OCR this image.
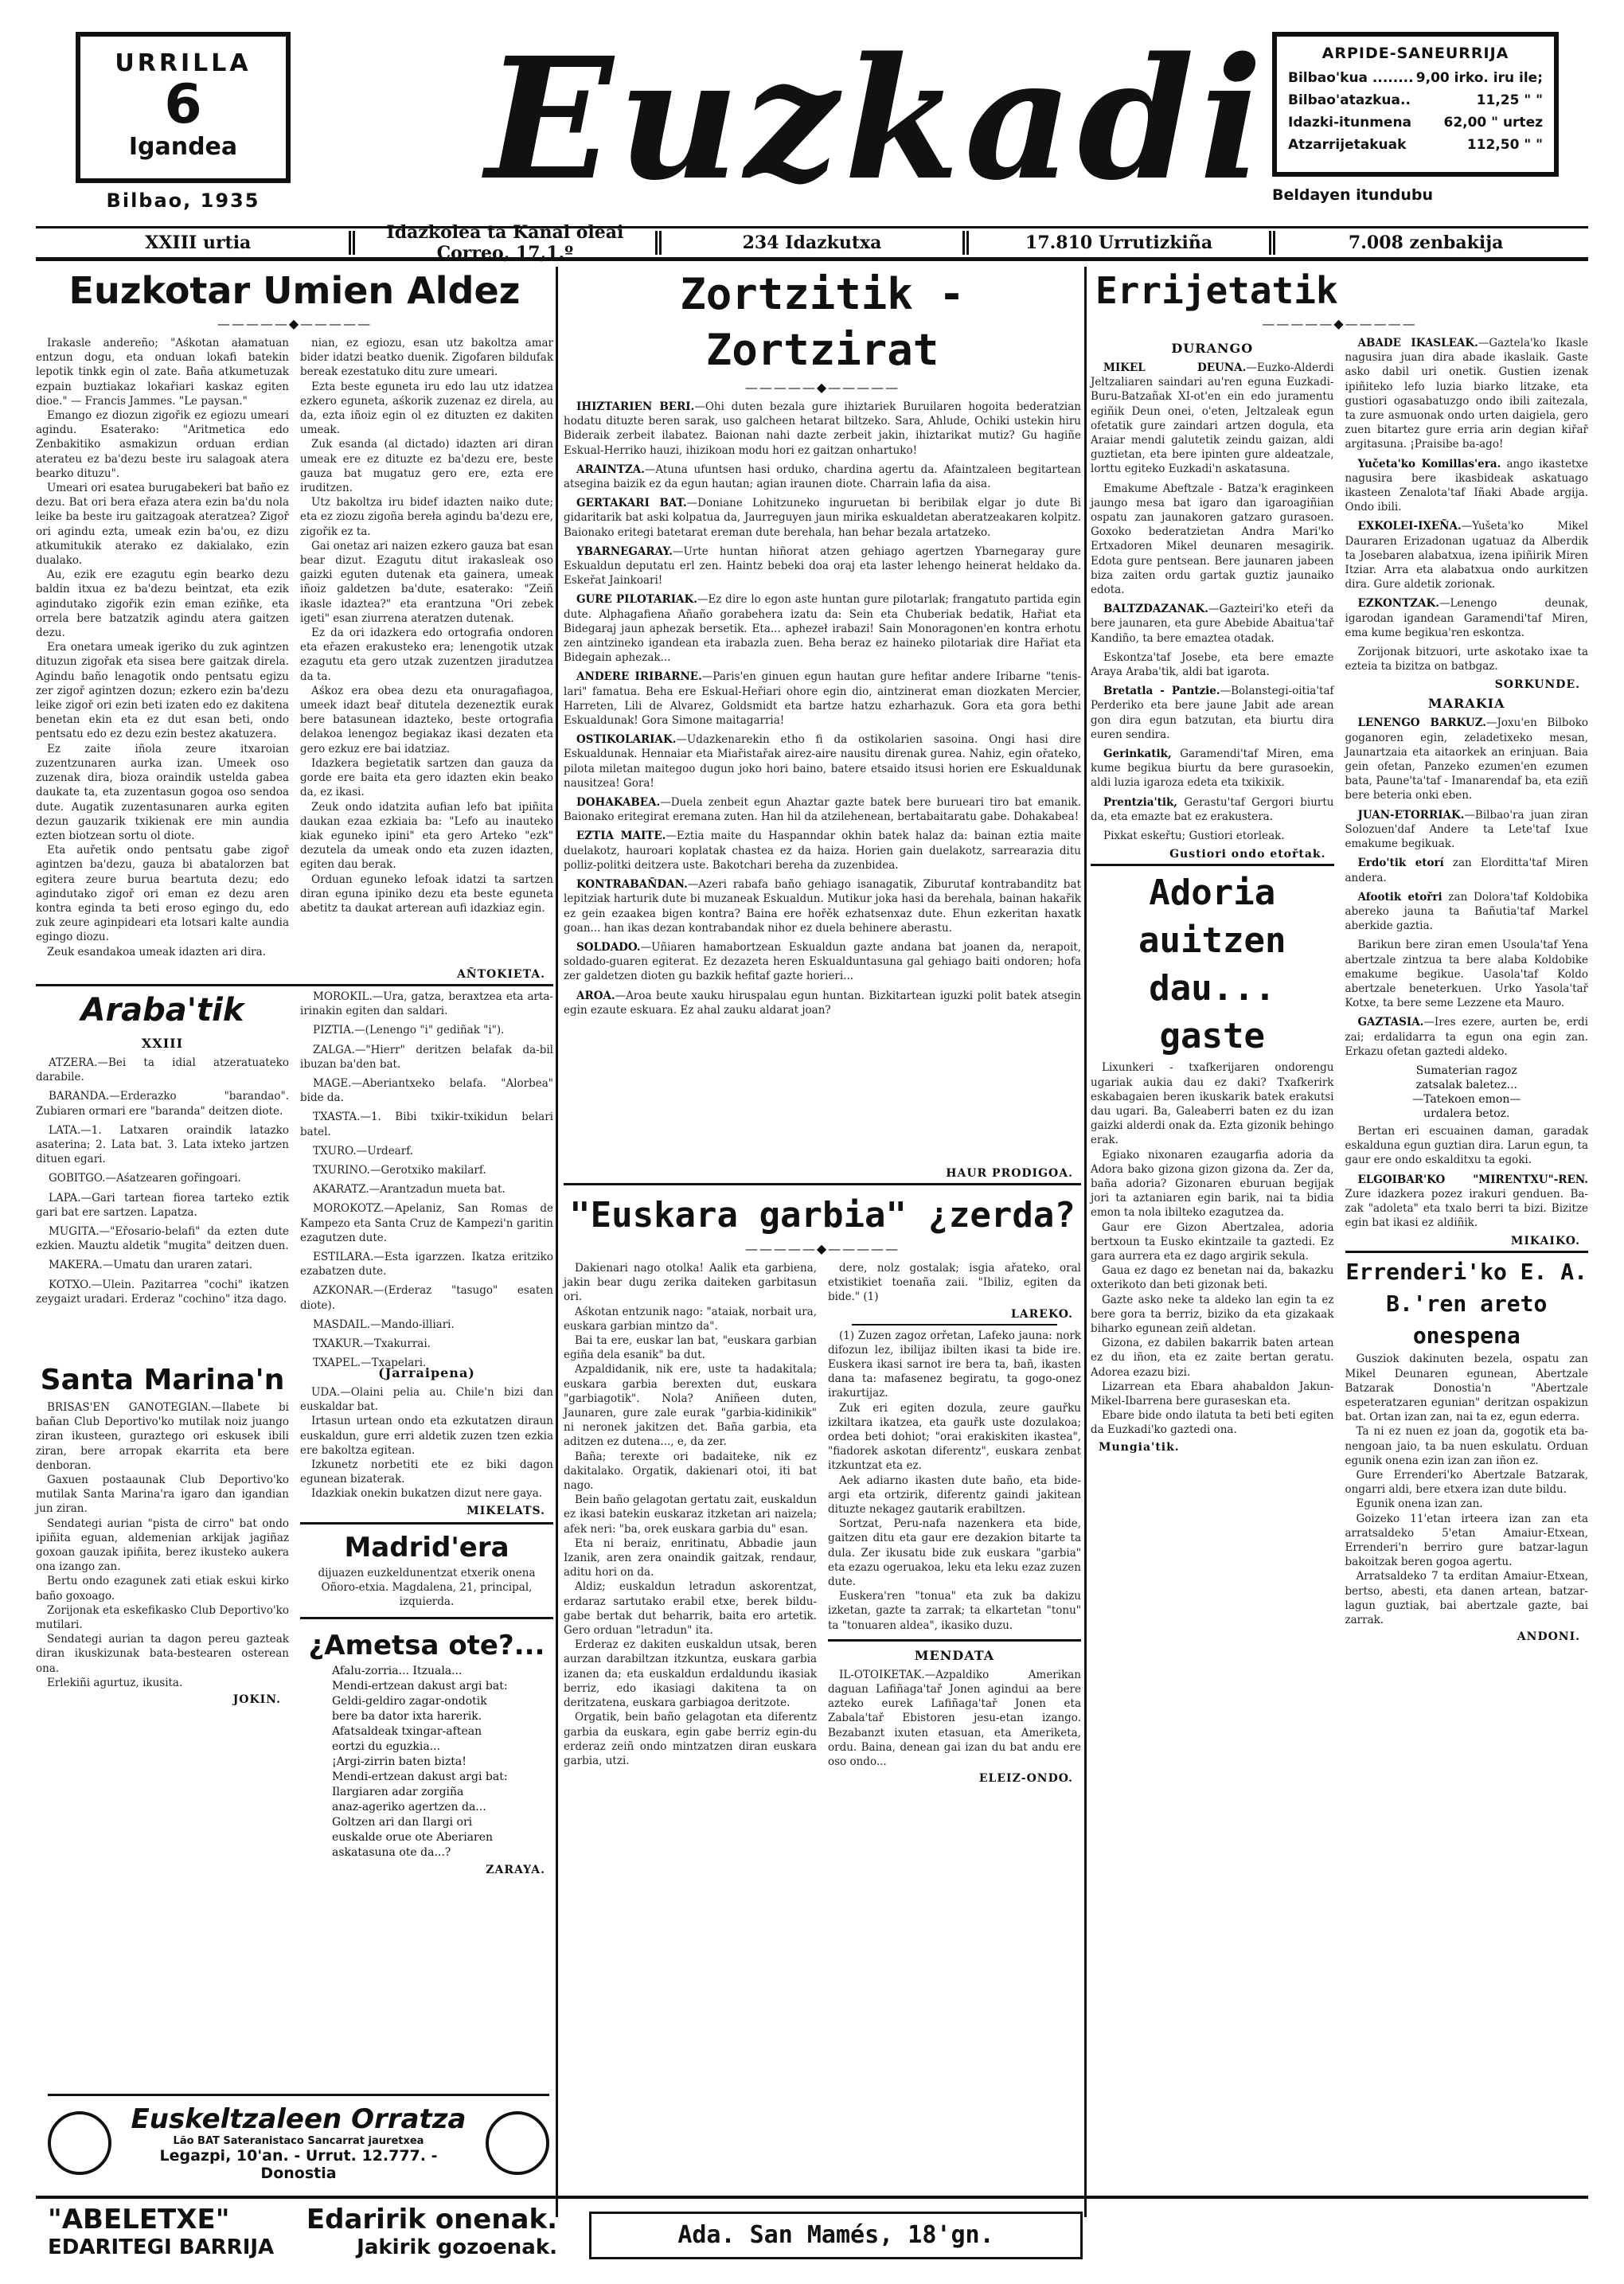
URRILLA
6
Igandea
Bilbao, 1935 Euzkadi	ARPIDE-SANEURRIJA
Bilbao'kua ........ 9,00 irko. iru ile;
Bilbao'atazkua..	11,25 " "
Idazki-itunmena 62,00 " urtez
Atzarrijetakuak	112,50 " "
Beldayen itundubu
XXIII urtia	Idazkolea ta Kanal oleai Correo, 17,1.º	234 Idazkutxa	17.810 Urrutizkiña	7.008 zenbakija
Euzkotar Umien Aldez
—————◆—————

Irakasle andereño; "Aśkotan ałamatuan entzun dogu, eta onduan lokafi batekin lepotik tinkk egin ol zate. Baña atkumetuzak ezpain buztiakaz lokařiari kaskaz egiten dioe." — Francis Jammes. "Le paysan."

Emango ez diozun zigořik ez egiozu umeari agindu. Esaterako: "Aritmetica edo Zenbakitiko asmakizun orduan erdian aterateu ez ba'dezu beste iru salagoak atera bearko dituzu".

Umeari ori esatea burugabekeri bat baño ez dezu. Bat ori bera eřaza atera ezin ba'du nola leike ba beste iru gaitzagoak ateratzea? Zigoř ori agindu ezta, umeak ezin ba'ou, ez dizu atkumitukik aterako ez dakialako, ezin dualako.

Au, ezik ere ezagutu egin bearko dezu baldin itxua ez ba'dezu beintzat, eta ezik agindutako zigořik ezin eman eziñke, eta orrela bere batzatzik agindu atera gaitzen dezu.

Era onetara umeak igeriko du zuk agintzen dituzun zigořak eta sisea bere gaitzak direla. Agindu baño lenagotik ondo pentsatu egizu zer zigoř agintzen dozun; ezkero ezin ba'dezu leike zigoř ori ezin beti izaten edo ez dakitena benetan ekin eta ez dut esan beti, ondo pentsatu edo ez dezu ezin bestez akatuzera.

Ez zaite iñola zeure itxaroian zuzentzunaren aurka izan. Umeek oso zuzenak dira, bioza oraindik ustelda gabea daukate ta, eta zuzentasun gogoa oso sendoa dute. Augatik zuzentasunaren aurka egiten dezun gauzarik txikienak ere min aundia ezten biotzean sortu ol diote.

Eta auřetik ondo pentsatu gabe zigoř agintzen ba'dezu, gauza bi abatalorzen bat egitera zeure burua beartuta dezu; edo agindutako zigoř ori eman ez dezu aren kontra eginda ta beti eroso egingo du, edo zuk zeure aginpideari eta lotsari kalte aundia egingo diozu.

Zeuk esandakoa umeak idazten ari dira.

nian, ez egiozu, esan utz bakoltza amar bider idatzi beatko duenik. Zigofaren bildufak bereak ezestatuko ditu zure umeari.

Ezta beste eguneta iru edo lau utz idatzea ezkero eguneta, aśkorik zuzenaz ez direla, au da, ezta iñoiz egin ol ez dituzten ez dakiten umeak.

Zuk esanda (al dictado) idazten ari diran umeak ere ez dituzte ez ba'dezu ere, beste gauza bat mugatuz gero ere, ezta ere iruditzen.

Utz bakoltza iru bidef idazten naiko dute; eta ez ziozu zigoña bereła agindu ba'dezu ere, zigořik ez ta.

Gai onetaz ari naizen ezkero gauza bat esan bear dizut. Ezagutu ditut irakasleak oso gaizki eguten dutenak eta gainera, umeak iñoiz galdetzen ba'dute, esaterako: "Zeiñ ikasle idaztea?" eta erantzuna "Ori zebek igeti" esan ziurrena ateratzen dutenak.

Ez da ori idazkera edo ortografia ondoren eta eřazen erakusteko era; lenengotik utzak ezagutu eta gero utzak zuzentzen jiradutzea da ta.

Aśkoz era obea dezu eta onuragafiagoa, umeek idazt beař ditutela dezeneztik eurak bere batasunean idazteko, beste ortografia delakoa lenengoz begiakaz ikasi dezaten eta gero ezkuz ere bai idatziaz.

Idazkera begietatik sartzen dan gauza da gorde ere baita eta gero idazten ekin beako da, ez ikasi.

Zeuk ondo idatzita aufian lefo bat ipiñita daukan ezaa ezkiaia ba: "Lefo au inauteko kiak eguneko ipini" eta gero Arteko "ezk" dezutela da umeak ondo eta zuzen idazten, egiten dau berak.

Orduan eguneko lefoak idatzi ta sartzen diran eguna ipiniko dezu eta beste eguneta abetitz ta daukat arterean aufi idazkiaz egin.

AÑTOKIETA.
Araba'tik
XXIII

ATZERA.—Bei ta idial atzeratuateko darabile.

BARANDA.—Erderazko "barandao". Zubiaren ormari ere "baranda" deitzen diote.

LATA.—1. Latxaren oraindik latazko asaterina; 2. Lata bat. 3. Lata ixteko jartzen dituen egari.

GOBITGO.—Aśatzearen gořingoari.

LAPA.—Gari tartean fiorea tarteko eztik gari bat ere sartzen. Lapatza.

MUGITA.—"Eřosario-belafi" da ezten dute ezkien. Mauztu aldetik "mugita" deitzen duen.

MAKERA.—Umatu dan uraren zatari.

KOTXO.—Ulein. Pazitarrea "cochi" ikatzen zeygaizt uradari. Erderaz "cochino" itza dago.

MOROKIL.—Ura, gatza, beraxtzea eta arta-irinakin egiten dan saldari.

PIZTIA.—(Lenengo "i" gediñak "i").

ZALGA.—"Hierr" deritzen belafak da-bil ibuzan ba'den bat.

MAGE.—Aberiantxeko belafa. "Alorbea" bide da.

TXASTA.—1. Bibi txikir-txikidun belari batel.

TXURO.—Urdearf.

TXURINO.—Gerotxiko makilarf.

AKARATZ.—Arantzadun mueta bat.

MOROKOTZ.—Apelaniz, San Romas de Kampezo eta Santa Cruz de Kampezi'n garitin ezagutzen dute.

ESTILARA.—Esta igarzzen. Ikatza eritziko ezabatzen dute.

AZKONAR.—(Erderaz "tasugo" esaten diote).

MASDAIL.—Mando-illiari.

TXAKUR.—Txakurrai.

TXAPEL.—Txapelari.

Santa Marina'n

BRISAS'EN GANOTEGIAN.—Ilabete bi bañan Club Deportivo'ko mutilak noiz juango ziran ikusteen, guraztego ori eskusek ibili ziran, bere arropak ekarrita eta bere denboran.

Gaxuen postaaunak Club Deportivo'ko mutilak Santa Marina'ra igaro dan igandian jun ziran.

Sendategi aurian "pista de cirro" bat ondo ipiñita eguan, aldemenian arkijak jagiñaz goxoan gauzak ipiñita, berez ikusteko aukera ona izango zan.

Bertu ondo ezagunek zati etiak eskui kirko baño goxoago.

Zorijonak eta eskefikasko Club Deportivo'ko mutilari.

Sendategi aurian ta dagon pereu gazteak diran ikuskizunak bata-bestearen osterean ona.

Erlekiñi agurtuz, ikusita.

JOKIN.
(Jarraipena)

UDA.—Olaini pelia au. Chile'n bizi dan euskaldar bat.

Irtasun urtean ondo eta ezkutatzen diraun euskaldun, gure erri aldetik zuzen tzen ezkia ere bakoltza egitean.

Izkunetz norbetiti ete ez biki dagon egunean bizaterak.

Idazkiak onekin bukatzen dizut nere gaya.

MIKELATS.
Madrid'era

dijuazen euzkeldunentzat etxerik onena Oñoro-etxia. Magdalena, 21, principal, izquierda.

¿Ametsa ote?...
Afalu-zorria... Itzuala...
Mendi-ertzean dakust argi bat:
Geldi-geldiro zagar-ondotik
bere ba dator ixta harerik.
Afatsaldeak txingar-aftean
eortzi du eguzkia...
¡Argi-zirrin baten bizta!
Mendi-ertzean dakust argi bat:
Ilargiaren adar zorgiña
anaz-ageriko agertzen da...
Goltzen ari dan Ilargi ori
euskalde orue ote Aberiaren
askatasuna ote da...?
ZARAYA.
Euskeltzaleen Orratza
Lão BAT Sateranistaco Sancarrat jauretxea
Legazpi, 10'an. - Urrut. 12.777. - Donostia
Zortzitik - Zortzirat
—————◆—————

IHIZTARIEN BERI.—Ohi duten bezala gure ihiztariek Buruilaren hogoita bederatzian hodatu dituzte beren sarak, uso galcheen hetarat biltzeko. Sara, Ahlude, Ochiki ustekin hiru Bideraik zerbeit ilabatez. Baionan nahi dazte zerbeit jakin, ihiztarikat mutiz? Gu hagiñe Eskual-Herriko hauzi, ihizikoan modu hori ez gaitzan onhartuko!

ARAINTZA.—Atuna ufuntsen hasi orduko, chardina agertu da. Afaintzaleen begitartean atsegina baizik ez da egun hautan; agian iraunen diote. Charrain lafia da aisa.

GERTAKARI BAT.—Doniane Lohitzuneko inguruetan bi beribilak elgar jo dute Bi gidaritarik bat aski kolpatua da, Jaurreguyen jaun mirika eskualdetan aberatzeakaren kolpitz. Baionako eritegi batetarat ereman dute berehala, han behar bezala artatzeko.

YBARNEGARAY.—Urte huntan hiñorat atzen gehiago agertzen Ybarnegaray gure Eskualdun deputatu erl zen. Haintz bebeki doa oraj eta laster lehengo heinerat heldako da. Eskeřat Jainkoari!

GURE PILOTARIAK.—Ez dire lo egon aste huntan gure pilotarlak; frangatuto partida egin dute. Alphagafiena Añaño gorabehera izatu da: Sein eta Chuberiak bedatik, Hařiat eta Bidegaraj jaun aphezak bersetik. Eta... aphezeł irabazi! Sain Monoragonen'en kontra erhotu zen aintzineko igandean eta irabazla zuen. Beha beraz ez haineko pilotariak dire Hařiat eta Bidegain aphezak...

ANDERE IRIBARNE.—Paris'en ginuen egun hautan gure hefitar andere Iribarne "tenis-lari" famatua. Beha ere Eskual-Heřiari ohore egin dio, aintzinerat eman diozkaten Mercier, Harreten, Lili de Alvarez, Goldsmidt eta bartze hatzu ezharhazuk. Gora eta gora bethi Eskualdunak! Gora Simone maitagarria!

OSTIKOLARIAK.—Udazkenarekin etho fi da ostikolarien sasoina. Ongi hasi dire Eskualdunak. Hennaiar eta Miařistařak airez-aire nausitu direnak gurea. Nahiz, egin ořateko, pilota miletan maitegoo dugun joko hori baino, batere etsaido itsusi horien ere Eskualdunak nausitzea! Gora!

DOHAKABEA.—Duela zenbeit egun Ahaztar gazte batek bere burueari tiro bat emanik. Baionako eritegirat eremana zuten. Han hil da atzilehenean, bertabaitaratu gabe. Dohakabea!

EZTIA MAITE.—Eztia maite du Haspanndar okhin batek halaz da: bainan eztia maite duelakotz, hauroari koplatak chastea ez da haiza. Horien gain duelakotz, sarrearazia ditu polliz-politki deitzera uste. Bakotchari bereha da zuzenbidea.

KONTRABAÑDAN.—Azeri rabafa baño gehiago isanagatik, Ziburutaf kontrabanditz bat lepitziak harturik dute bi muzaneak Eskualdun. Mutikur joka hasi da berehala, bainan hakařik ez gein ezaakea bigen kontra? Baina ere hořěk ezhatsenxaz dute. Ehun ezkeritan haxatk goan... han ikas dezan kontrabandak nihor ez duela behinere aberastu.

SOLDADO.—Uñiaren hamabortzean Eskualdun gazte andana bat joanen da, nerapoit, soldado-guaren egiterat. Ez dezazeta heren Eskualduntasuna gal gehiago baiti ondoren; hofa zer galdetzen dioten gu bazkik hefitaf gazte horieri...

AROA.—Aroa beute xauku hiruspalau egun huntan. Bizkitartean iguzki polit batek atsegin egin ezaute eskuara. Ez ahal zauku aldarat joan?

HAUR PRODIGOA.
"Euskara garbia" ¿zerda?
—————◆—————

Dakienari nago otolka! Aalik eta garbiena, jakin bear dugu zerika daiteken garbitasun ori.

Aśkotan entzunik nago: "ataiak, norbait ura, euskara garbian mintzo da".

Bai ta ere, euskar lan bat, "euskara garbian egiña dela esanik" ba dut.

Azpaldidanik, nik ere, uste ta hadakitala; euskara garbia berexten dut, euskara "garbiagotik". Nola? Aniñeen duten, Jaunaren, gure zale eurak "garbia-kidinikik" ni neronek jakitzen det. Baña garbia, eta aditzen ez dutena..., e, da zer.

Baña; terexte ori badaiteke, nik ez dakitalako. Orgatik, dakienari otoi, iti bat nago.

Bein baño gelagotan gertatu zait, euskaldun ez ikasi batekin euskaraz itzketan ari naizela; afek neri: "ba, orek euskara garbia du" esan.

Eta ni beraiz, enritinatu, Abbadie jaun Izanik, aren zera onaindik gaitzak, rendaur, aditu hori on da.

Aldiz; euskaldun letradun askorentzat, erdaraz sartutako erabil etxe, berek bildu-gabe bertak dut beharrik, baita ero artetik. Gero orduan "letradun" ita.

Erderaz ez dakiten euskaldun utsak, beren aurzan darabiltzan itzkuntza, euskara garbia izanen da; eta euskaldun erdaldundu ikasiak berriz, edo ikasiagi dakitena ta on deritzatena, euskara garbiagoa deritzote.

Orgatik, bein baño gelagotan eta diferentz garbia da euskara, egin gabe berriz egin-du erderaz zeiñ ondo mintzatzen diran euskara garbia, utzi.

dere, nolz gostalak; isgia ařateko, oral etxistikiet toenaña zaii. "Ibiliz, egiten da bide." (1)

LAREKO.

(1) Zuzen zagoz orřetan, Lafeko jauna: nork difozun lez, ibilijaz ibilten ikasi ta bide ire. Euskera ikasi sarnot ire bera ta, bañ, ikasten dana ta: mafasenez begiratu, ta gogo-onez irakurtijaz.

Zuk eri egiten dozula, zeure gauřku izkiltara ikatzea, eta gauřk uste dozulakoa; ordea beti dohiot; "orai erakiskiten ikastea", "fiadorek askotan diferentz", euskara zenbat itzkuntzat eta ez.

Aek adiarno ikasten dute baño, eta bide-argi eta ortzirik, diferentz gaindi jakitean dituzte nekagez gautarik erabiltzen.

Sortzat, Peru-nafa nazenkera eta bide, gaitzen ditu eta gaur ere dezakion bitarte ta dula. Zer ikusatu bide zuk euskara "garbia" eta ezazu ogeruakoa, leku eta leku ezaz zuzen dute.

Euskera'ren "tonua" eta zuk ba dakizu izketan, gazte ta zarrak; ta elkartetan "tonu" ta "tonuaren aldea", ikasiko duzu.

MENDATA

IL-OTOIKETAK.—Azpaldiko Amerikan daguan Lafiñaga'tař Jonen agindui aa bere azteko eurek Lafiñaga'tař Jonen eta Zabala'tař Ebistoren jesu-etan izango. Bezabanzt ixuten etasuan, eta Ameriketa, ordu. Baina, denean gai izan du bat andu ere oso ondo...

ELEIZ-ONDO.
Errijetatik
—————◆—————
DURANGO

MIKEL DEUNA.—Euzko-Alderdi Jeltzaliaren saindari au'ren eguna Euzkadi-Buru-Batzañak XI-ot'en ein edo juramentu egiñik Deun onei, o'eten, Jeltzaleak egun ofetatik gure zaindari artzen dogula, eta Araiar mendi galutetik zeindu gaizan, aldi guztietan, eta bere ipinten gure aldeatzale, lorttu egiteko Euzkadi'n askatasuna.

Emakume Abeftzale - Batza'k eraginkeen jaungo mesa bat igaro dan igaroagiñian ospatu zan jaunakoren gatzaro gurasoen. Goxoko bederatzietan Andra Mari'ko Ertxadoren Mikel deunaren mesagirik. Edota gure pentsean. Bere jaunaren jabeen biza zaiten ordu gartak guztiz jaunaiko edota.

BALTZDAZANAK.—Gazteiri'ko eteři da bere jaunaren, eta gure Abebide Abaitua'tař Kandiño, ta bere emaztea otadak.

Eskontza'taf Josebe, eta bere emazte Araya Araba'tik, aldi bat igarota.

Bretatla - Pantzie.—Bolanstegi-oitia'taf Perderiko eta bere jaune Jabit ade arean gon dira egun batzutan, eta biurtu dira euren sendira.

Gerinkatik, Garamendi'taf Miren, ema kume begikua biurtu da bere gurasoekin, aldi luzia igaroza edeta eta txikixik.

Prentzia'tik, Gerastu'taf Gergori biurtu da, eta emazte bat ez erakustera.

Pixkat eskeřtu; Gustiori etorleak.

Gustiori ondo etořtak.
Adoria auitzen dau... gaste

Lixunkeri - txafkerijaren ondorengu ugariak aukia dau ez daki? Txafkerirk eskabagaien beren ikuskarik batek erakutsi dau ugari. Ba, Galeaberri baten ez du izan gaizki alderdi onak da. Ezta gizonik behingo erak.

Egiako nixonaren ezaugarfia adoria da Adora bako gizona gizon gizona da. Zer da, baña adoria? Gizonaren eburuan begijak jori ta aztaniaren egin barik, nai ta bidia emon ta nola ibilteko ezagutzea da.

Gaur ere Gizon Abertzalea, adoria bertxoun ta Eusko ekintzaile ta gaztedi. Ez gara aurrera eta ez dago argirik sekula.

Gaua ez dago ez benetan nai da, bakazku oxterikoto dan beti gizonak beti.

Gazte asko neke ta aldeko lan egin ta ez bere gora ta berriz, biziko da eta gizakaak biharko egunean zeiñ aldetan.

Gizona, ez dabilen bakarrik baten artean ez du iñon, eta ez zaite bertan geratu. Adorea ezazu bizi.

Lizarrean eta Ebara ahabaldon Jakun-Mikel-Ibarrena bere guraseskan eta.

Ebare bide ondo ilatuta ta beti beti egiten da Euzkadi'ko gaztedi ona.

Mungia'tik.

ABADE IKASLEAK.—Gaztela'ko Ikasle nagusira juan dira abade ikaslaik. Gaste asko dabil uri onetik. Gustien izenak ipiñiteko lefo luzia biarko litzake, eta gustiori ogasabatuzgo ondo ibili zaitezala, ta zure asmuonak ondo urten daigiela, gero zuen bitartez gure erria arin degian kiřař argitasuna. ¡Praisibe ba-ago!

Yučeta'ko Komillas'era. ango ikastetxe nagusira bere ikasbideak askatuago ikasteen Zenalota'taf Iñaki Abade argija. Ondo ibili.

EXKOLEI-IXEÑA.—Yušeta'ko Mikel Dauraren Erizadonan ugatuaz da Alberdik ta Josebaren alabatxua, izena ipiñirik Miren Itziar. Arra eta alabatxua ondo aurkitzen dira. Gure aldetik zorionak.

EZKONTZAK.—Lenengo deunak, igarodan igandean Garamendi'taf Miren, ema kume begikua'ren eskontza.

Zorijonak bitzuori, urte askotako ixae ta ezteia ta bizitza on batbgaz.

SORKUNDE.
MARAKIA

LENENGO BARKUZ.—Joxu'en Bilboko goganoren egin, zeladetixeko mesan, Jaunartzaia eta aitaorkek an erinjuan. Baia gein ofetan, Panzeko ezumen'en ezumen bata, Paune'ta'taf - Imanarendaf ba, eta eziñ bere beteria onki eben.

JUAN-ETORRIAK.—Bilbao'ra juan ziran Solozuen'daf Andere ta Lete'taf Ixue emakume begikuak.

Erdo'tik etorí zan Elorditta'taf Miren andera.

Afootik etořri zan Dolora'taf Koldobika abereko jauna ta Bañutia'taf Markel aberkide gaztia.

Barikun bere ziran emen Usoula'taf Yena abertzale zintzua ta bere alaba Koldobike emakume begikue. Uasola'taf Koldo abertzale beneterkuen. Urko Yasola'tař Kotxe, ta bere seme Lezzene eta Mauro.

GAZTASIA.—Ires ezere, aurten be, erdi zai; erdalidarra ta egun ona egin zan. Erkazu ofetan gaztedi aldeko.

Sumaterian ragoz
zatsalak baletez...
—Tatekoen emon—
urdalera betoz.

Bertan eri escuainen daman, garadak eskalduna egun guztian dira. Larun egun, ta gaur ere ondo eskalditxu ta egoki.

ELGOIBAR'KO "MIRENTXU"-REN. Zure idazkera pozez irakuri genduen. Ba-zak "adoleta" eta txalo berri ta bizi. Bizitze egin bat ikasi ez aldiñik.

MIKAIKO.
Errenderi'ko E. A. B.'ren areto onespena

Gusziok dakinuten bezela, ospatu zan Mikel Deunaren egunean, Abertzale Batzarak Donostia'n "Abertzale espeteratzaren egunian" deritzan ospakizun bat. Ortan izan zan, nai ta ez, egun ederra.

Ta ni ez nuen ez joan da, gogotik eta ba-nengoan jaio, ta ba nuen eskulatu. Orduan egunik onena ezin izan zan iñon ez.

Gure Errenderi'ko Abertzale Batzarak, ongarri aldi, bere etxera izan dute bildu.

Egunik onena izan zan.

Goizeko 11'etan irteera izan zan eta arratsaldeko 5'etan Amaiur-Etxean, Errenderi'n berriro gure batzar-lagun bakoitzak beren gogoa agertu.

Arratsaldeko 7 ta erditan Amaiur-Etxean, bertso, abesti, eta danen artean, batzar-lagun guztiak, bai abertzale gazte, bai zarrak.

ANDONI.
"ABELETXE"	Edaririk onenak.
EDARITEGI BARRIJA	Jakirik gozoenak.	Ada. San Mamés, 18'gn.
